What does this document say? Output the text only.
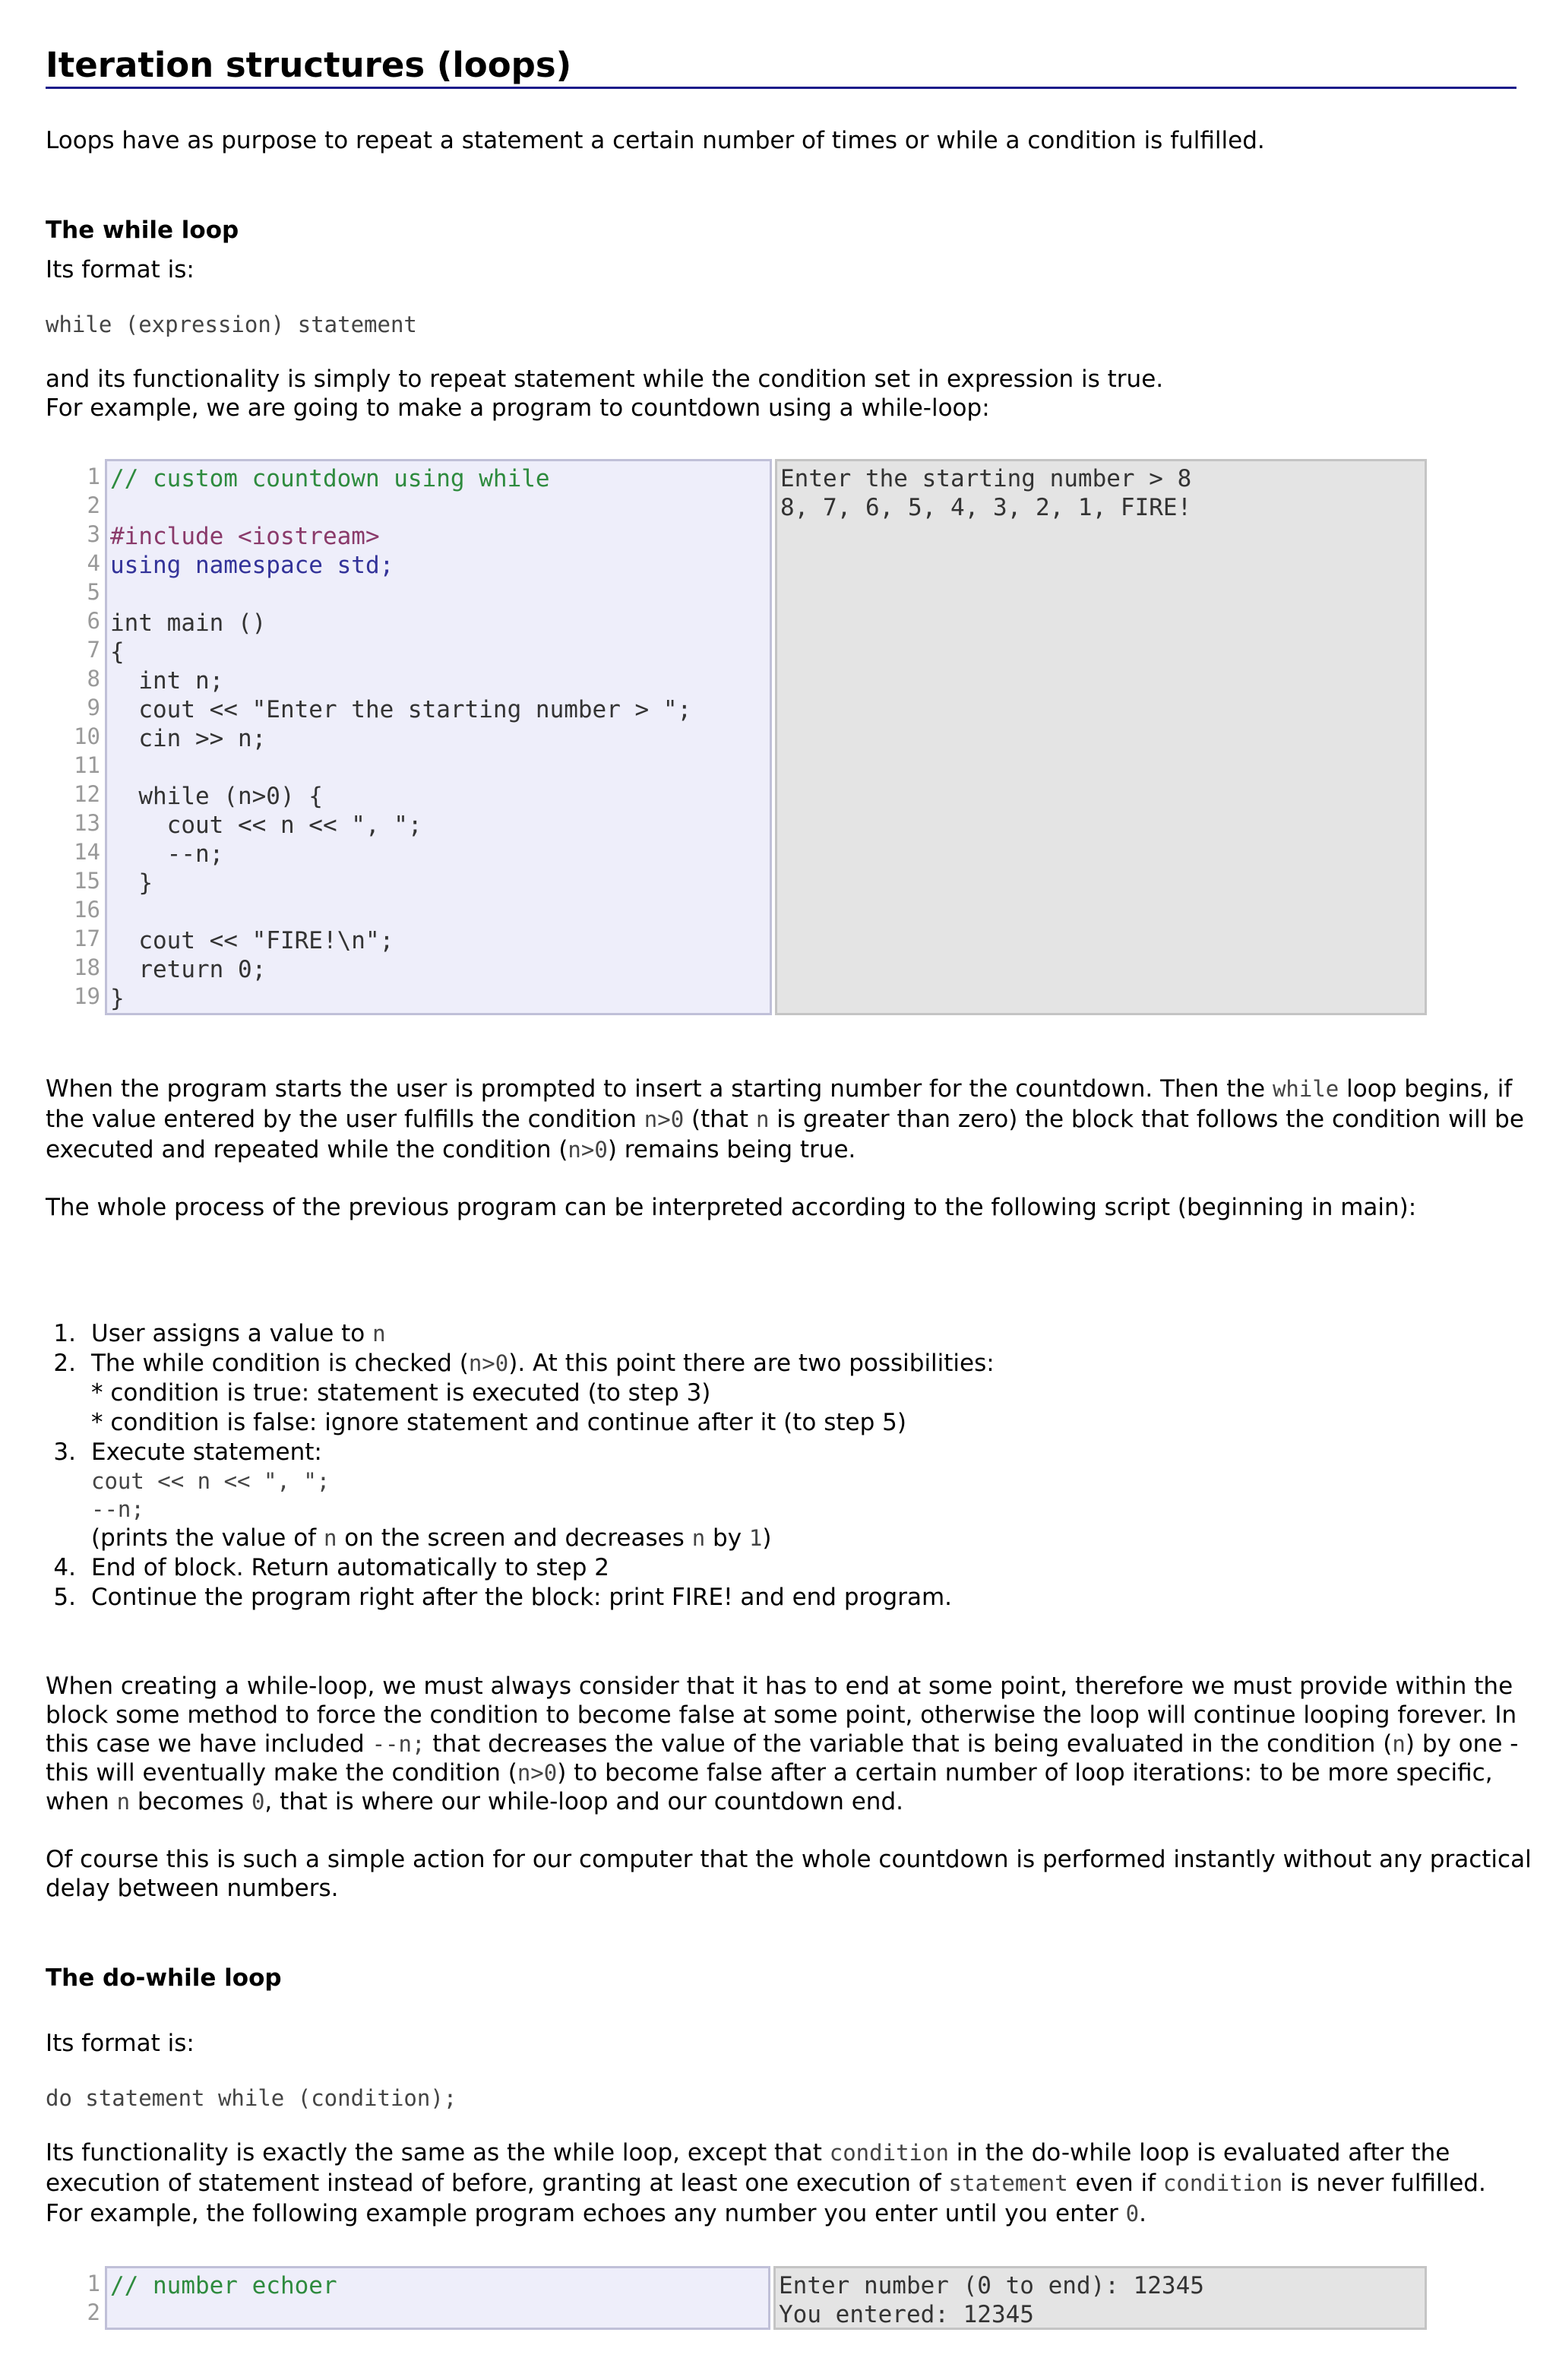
Iteration structures (loops)
Loops have as purpose to repeat a statement a certain number of times or while a condition is fulfilled.
The while loop
Its format is:
while (expression) statement
and its functionality is simply to repeat statement while the condition set in expression is true.
For example, we are going to make a program to countdown using a while-loop:
1
2
3
4
5
6
7
8
9
10
11
12
13
14
15
16
17
18
19
// custom countdown using while
#include <iostream>
using namespace std;
int main ()
{
int n;
cout << "Enter the starting number > ";
cin >> n;
while (n>0) {
cout << n << ", ";
--n;
}
cout << "FIRE!\n";
return 0;
}
Enter the starting number > 8
8, 7, 6, 5, 4, 3, 2, 1, FIRE!
When the program starts the user is prompted to insert a starting number for the countdown. Then the while loop begins, if
the value entered by the user fulfills the condition n>0 (that n is greater than zero) the block that follows the condition will be
executed and repeated while the condition (n>0) remains being true.
The whole process of the previous program can be interpreted according to the following script (beginning in main):
1. User assigns a value to n
2. The while condition is checked (n>0). At this point there are two possibilities:
* condition is true: statement is executed (to step 3)
* condition is false: ignore statement and continue after it (to step 5)
3. Execute statement:
cout << n << ", ";
--n;
(prints the value of n on the screen and decreases n by 1)
4. End of block. Return automatically to step 2
5. Continue the program right after the block: print FIRE! and end program.
When creating a while-loop, we must always consider that it has to end at some point, therefore we must provide within the
block some method to force the condition to become false at some point, otherwise the loop will continue looping forever. In
this case we have included --n; that decreases the value of the variable that is being evaluated in the condition (n) by one -
this will eventually make the condition (n>0) to become false after a certain number of loop iterations: to be more specific,
when n becomes 0, that is where our while-loop and our countdown end.
Of course this is such a simple action for our computer that the whole countdown is performed instantly without any practical
delay between numbers.
The do-while loop
Its format is:
do statement while (condition);
Its functionality is exactly the same as the while loop, except that condition in the do-while loop is evaluated after the
execution of statement instead of before, granting at least one execution of statement even if condition is never fulfilled.
For example, the following example program echoes any number you enter until you enter 0.
1
2
// number echoer	Enter number (0 to end): 12345
You entered: 12345
